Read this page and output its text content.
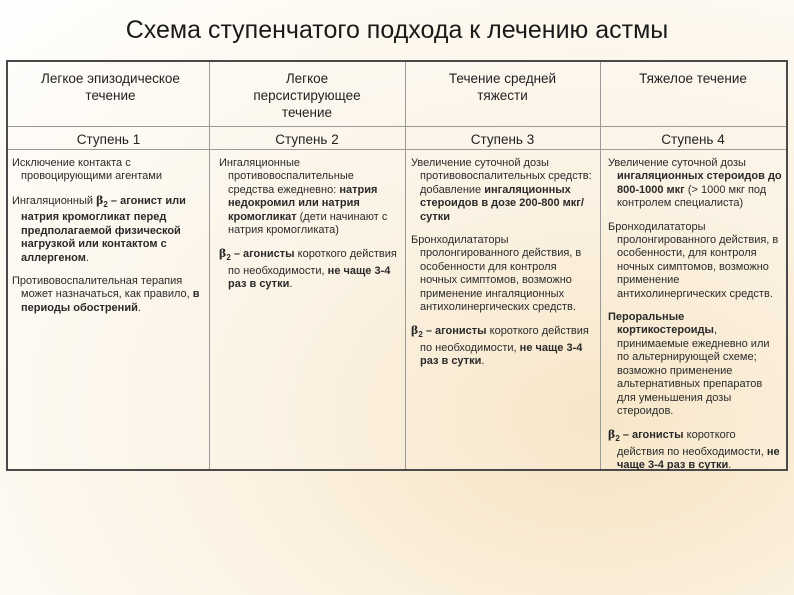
Схема ступенчатого подхода к лечению астмы
Легкое эпизодическое течение
Ступень 1

Исключение контакта с провоцирующими агентами

Ингаляционный $\beta_2$ – агонист или натрия кромогликат перед предполагаемой физической нагрузкой или контактом с аллергеном.

Противовоспалительная терапия может назначаться, как правило, в периоды обострений.

Легкое персистирующее течение
Ступень 2

Ингаляционные противовоспалительные средства ежедневно: натрия недокромил или натрия кромогликат (дети начинают с натрия кромогликата)

$\beta_2$ – агонисты короткого действия по необходимости, не чаще 3-4 раз в сутки.

Течение средней тяжести
Ступень 3

Увеличение суточной дозы противовоспалительных средств: добавление ингаляционных стероидов в дозе 200-800 мкг/сутки

Бронходилататоры пролонгированного действия, в особенности для контроля ночных симптомов, возможно применение ингаляционных антихолинергических средств.

$\beta_2$ – агонисты короткого действия по необходимости, не чаще 3-4 раз в сутки.

Тяжелое течение
Ступень 4

Увеличение суточной дозы ингаляционных стероидов до 800-1000 мкг (> 1000 мкг под контролем специалиста)

Бронходилататоры пролонгированного действия, в особенности, для контроля ночных симптомов, возможно применение антихолинергических средств.

Пероральные кортикостероиды, принимаемые ежедневно или по альтернирующей схеме; возможно применение альтернативных препаратов для уменьшения дозы стероидов.

$\beta_2$ – агонисты короткого действия по необходимости, не чаще 3-4 раз в сутки.
